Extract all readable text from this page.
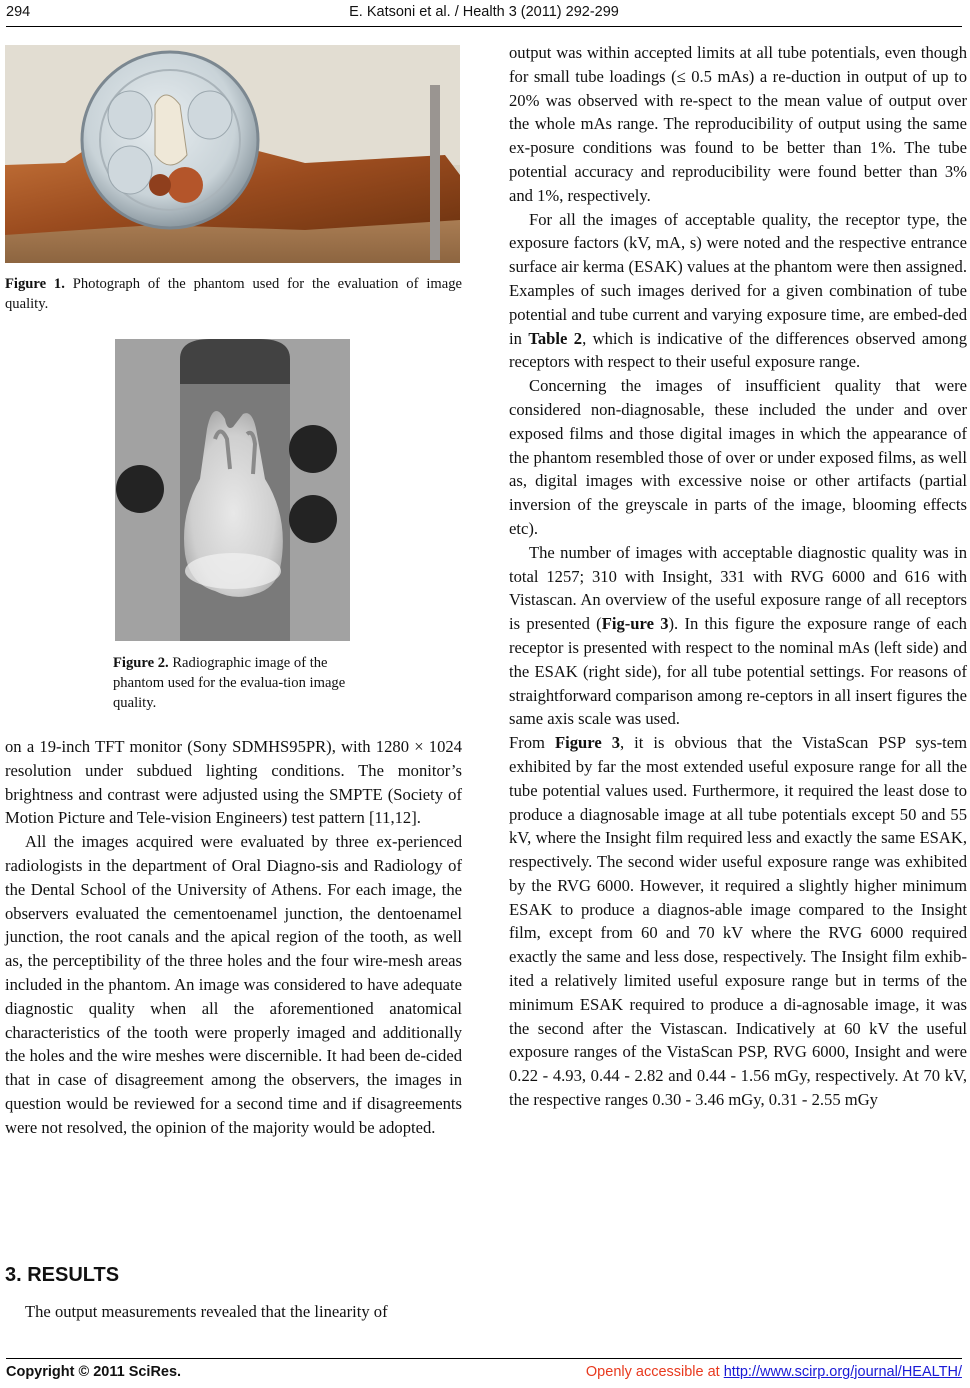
294	E. Katsoni et al. / Health 3 (2011) 292-299
Figure 1. Photograph of the phantom used for the evaluation of image quality.
Figure 2. Radiographic image of the phantom used for the evalua-tion image quality.

on a 19-inch TFT monitor (Sony SDMHS95PR), with 1280 × 1024 resolution under subdued lighting conditions. The monitor’s brightness and contrast were adjusted using the SMPTE (Society of Motion Picture and Tele-vision Engineers) test pattern [11,12].

All the images acquired were evaluated by three ex-perienced radiologists in the department of Oral Diagno-sis and Radiology of the Dental School of the University of Athens. For each image, the observers evaluated the cementoenamel junction, the dentoenamel junction, the root canals and the apical region of the tooth, as well as, the perceptibility of the three holes and the four wire-mesh areas included in the phantom. An image was considered to have adequate diagnostic quality when all the aforementioned anatomical characteristics of the tooth were properly imaged and additionally the holes and the wire meshes were discernible. It had been de-cided that in case of disagreement among the observers, the images in question would be reviewed for a second time and if disagreements were not resolved, the opinion of the majority would be adopted.

3. RESULTS
The output measurements revealed that the linearity of

output was within accepted limits at all tube potentials, even though for small tube loadings (≤ 0.5 mAs) a re-duction in output of up to 20% was observed with re-spect to the mean value of output over the whole mAs range. The reproducibility of output using the same ex-posure conditions was found to be better than 1%. The tube potential accuracy and reproducibility were found better than 3% and 1%, respectively.

For all the images of acceptable quality, the receptor type, the exposure factors (kV, mA, s) were noted and the respective entrance surface air kerma (ESAK) values at the phantom were then assigned. Examples of such images derived for a given combination of tube potential and tube current and varying exposure time, are embed-ded in Table 2, which is indicative of the differences observed among receptors with respect to their useful exposure range.

Concerning the images of insufficient quality that were considered non-diagnosable, these included the under and over exposed films and those digital images in which the appearance of the phantom resembled those of over or under exposed films, as well as, digital images with excessive noise or other artifacts (partial inversion of the greyscale in parts of the image, blooming effects etc).

The number of images with acceptable diagnostic quality was in total 1257; 310 with Insight, 331 with RVG 6000 and 616 with Vistascan. An overview of the useful exposure range of all receptors is presented (Fig-ure 3). In this figure the exposure range of each receptor is presented with respect to the nominal mAs (left side) and the ESAK (right side), for all tube potential settings. For reasons of straightforward comparison among re-ceptors in all insert figures the same axis scale was used.

From Figure 3, it is obvious that the VistaScan PSP sys-tem exhibited by far the most extended useful exposure range for all the tube potential values used. Furthermore, it required the least dose to produce a diagnosable image at all tube potentials except 50 and 55 kV, where the Insight film required less and exactly the same ESAK, respectively. The second wider useful exposure range was exhibited by the RVG 6000. However, it required a slightly higher minimum ESAK to produce a diagnos-able image compared to the Insight film, except from 60 and 70 kV where the RVG 6000 required exactly the same and less dose, respectively. The Insight film exhib-ited a relatively limited useful exposure range but in terms of the minimum ESAK required to produce a di-agnosable image, it was the second after the Vistascan. Indicatively at 60 kV the useful exposure ranges of the VistaScan PSP, RVG 6000, Insight and were 0.22 - 4.93, 0.44 - 2.82 and 0.44 - 1.56 mGy, respectively. At 70 kV, the respective ranges 0.30 - 3.46 mGy, 0.31 - 2.55 mGy

Copyright © 2011 SciRes.	Openly accessible at http://www.scirp.org/journal/HEALTH/
